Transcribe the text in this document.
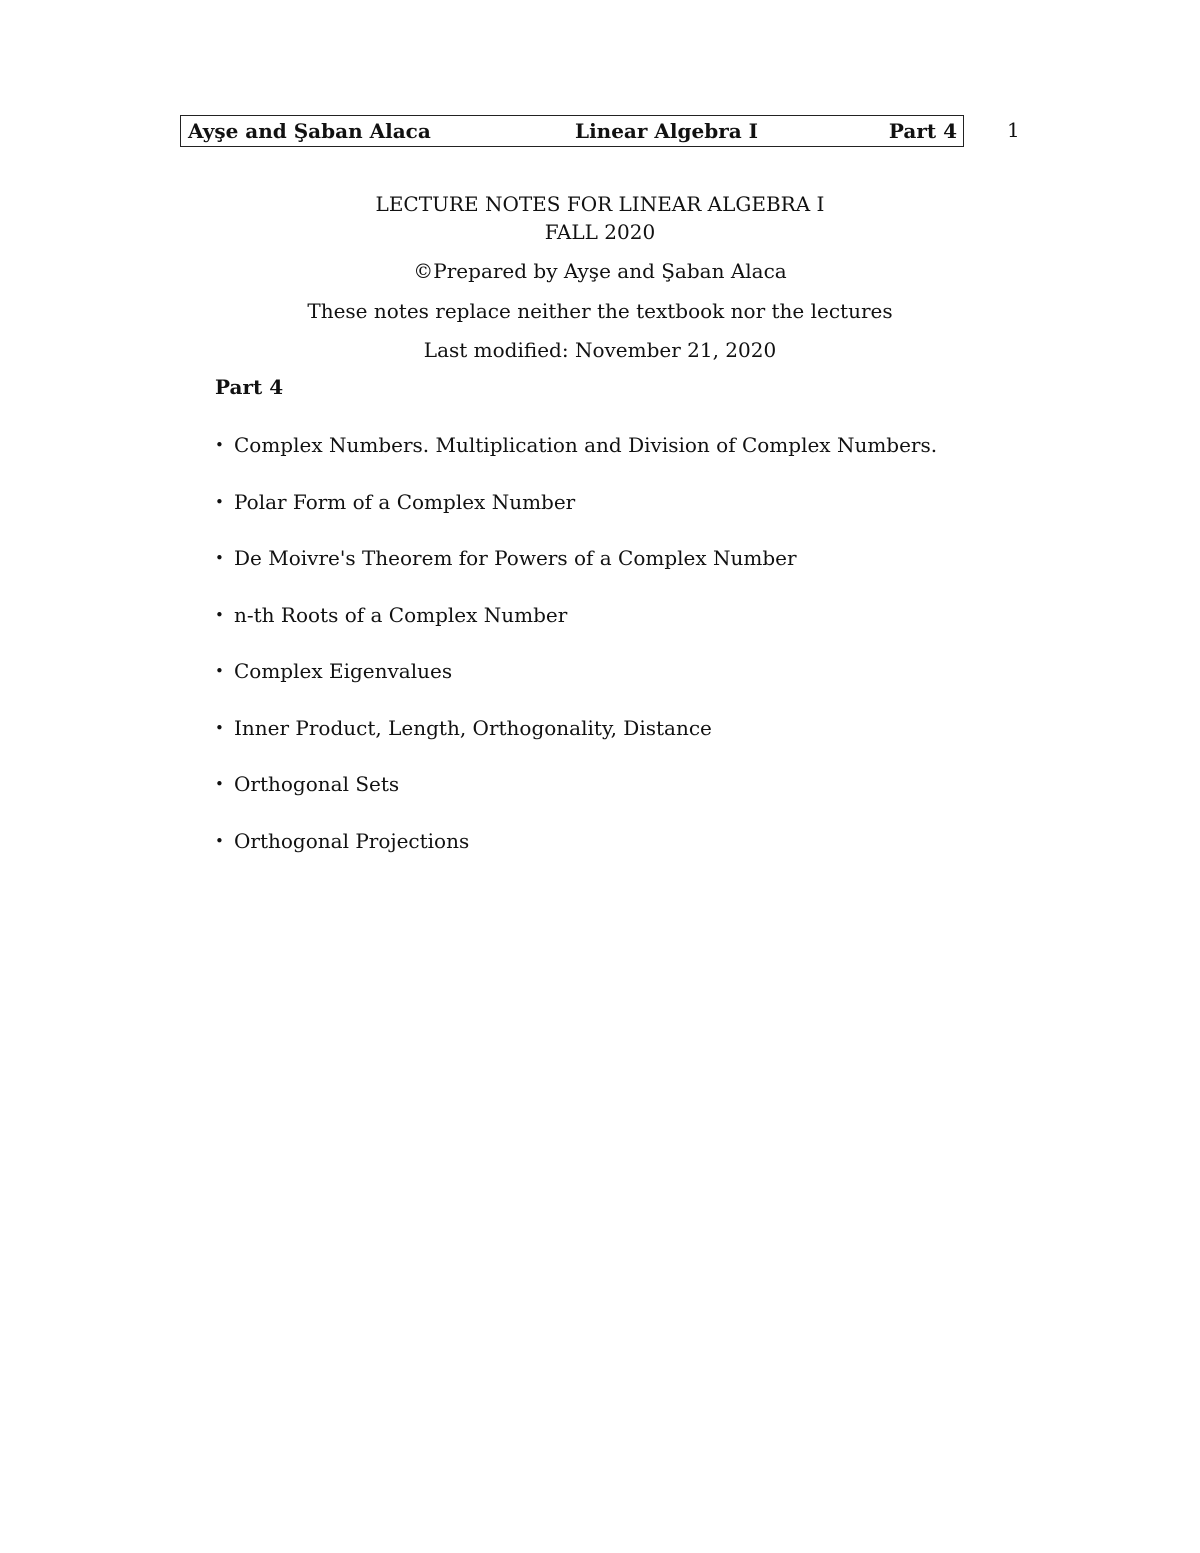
Ayşe and Şaban Alaca	Linear Algebra I	Part 4	1
LECTURE NOTES FOR LINEAR ALGEBRA I
FALL 2020
©Prepared by Ayşe and Şaban Alaca
These notes replace neither the textbook nor the lectures
Last modified: November 21, 2020
Part 4
• Complex Numbers. Multiplication and Division of Complex Numbers.
• Polar Form of a Complex Number
• De Moivre's Theorem for Powers of a Complex Number
• n-th Roots of a Complex Number
• Complex Eigenvalues
• Inner Product, Length, Orthogonality, Distance
• Orthogonal Sets
• Orthogonal Projections
